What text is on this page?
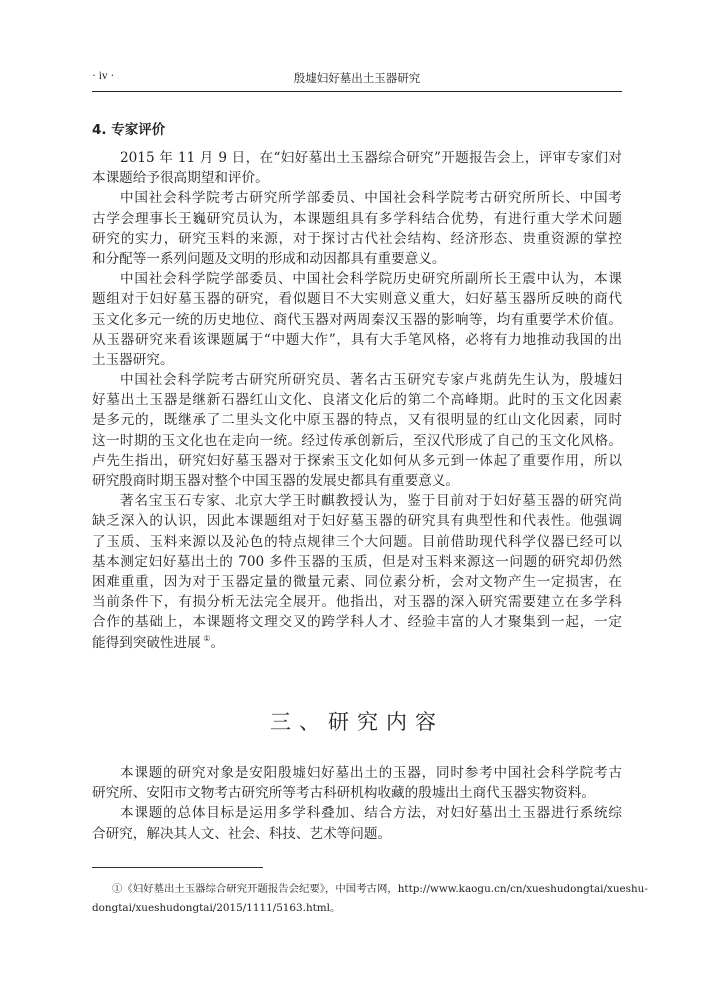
· iv ·	殷墟妇好墓出土玉器研究
4. 专家评价
2015 年 11 月 9 日，在“妇好墓出土玉器综合研究”开题报告会上，评审专家们对
本课题给予很高期望和评价。
中国社会科学院考古研究所学部委员、中国社会科学院考古研究所所长、中国考
古学会理事长王巍研究员认为，本课题组具有多学科结合优势，有进行重大学术问题
研究的实力，研究玉料的来源，对于探讨古代社会结构、经济形态、贵重资源的掌控
和分配等一系列问题及文明的形成和动因都具有重要意义。
中国社会科学院学部委员、中国社会科学院历史研究所副所长王震中认为，本课
题组对于妇好墓玉器的研究，看似题目不大实则意义重大，妇好墓玉器所反映的商代
玉文化多元一统的历史地位、商代玉器对两周秦汉玉器的影响等，均有重要学术价值。
从玉器研究来看该课题属于“中题大作”，具有大手笔风格，必将有力地推动我国的出
土玉器研究。
中国社会科学院考古研究所研究员、著名古玉研究专家卢兆荫先生认为，殷墟妇
好墓出土玉器是继新石器红山文化、良渚文化后的第二个高峰期。此时的玉文化因素
是多元的，既继承了二里头文化中原玉器的特点，又有很明显的红山文化因素，同时
这一时期的玉文化也在走向一统。经过传承创新后，至汉代形成了自己的玉文化风格。
卢先生指出，研究妇好墓玉器对于探索玉文化如何从多元到一体起了重要作用，所以
研究殷商时期玉器对整个中国玉器的发展史都具有重要意义。
著名宝玉石专家、北京大学王时麒教授认为，鉴于目前对于妇好墓玉器的研究尚
缺乏深入的认识，因此本课题组对于妇好墓玉器的研究具有典型性和代表性。他强调
了玉质、玉料来源以及沁色的特点规律三个大问题。目前借助现代科学仪器已经可以
基本测定妇好墓出土的 700 多件玉器的玉质，但是对玉料来源这一问题的研究却仍然
困难重重，因为对于玉器定量的微量元素、同位素分析，会对文物产生一定损害，在
当前条件下，有损分析无法完全展开。他指出，对玉器的深入研究需要建立在多学科
合作的基础上，本课题将文理交叉的跨学科人才、经验丰富的人才聚集到一起，一定
能得到突破性进展 ①。
三、研究内容
本课题的研究对象是安阳殷墟妇好墓出土的玉器，同时参考中国社会科学院考古
研究所、安阳市文物考古研究所等考古科研机构收藏的殷墟出土商代玉器实物资料。
本课题的总体目标是运用多学科叠加、结合方法，对妇好墓出土玉器进行系统综
合研究，解决其人文、社会、科技、艺术等问题。
①《妇好墓出土玉器综合研究开题报告会纪要》，中国考古网，http://www.kaogu.cn/cn/xueshudongtai/xueshu-
dongtai/xueshudongtai/2015/1111/5163.html。
